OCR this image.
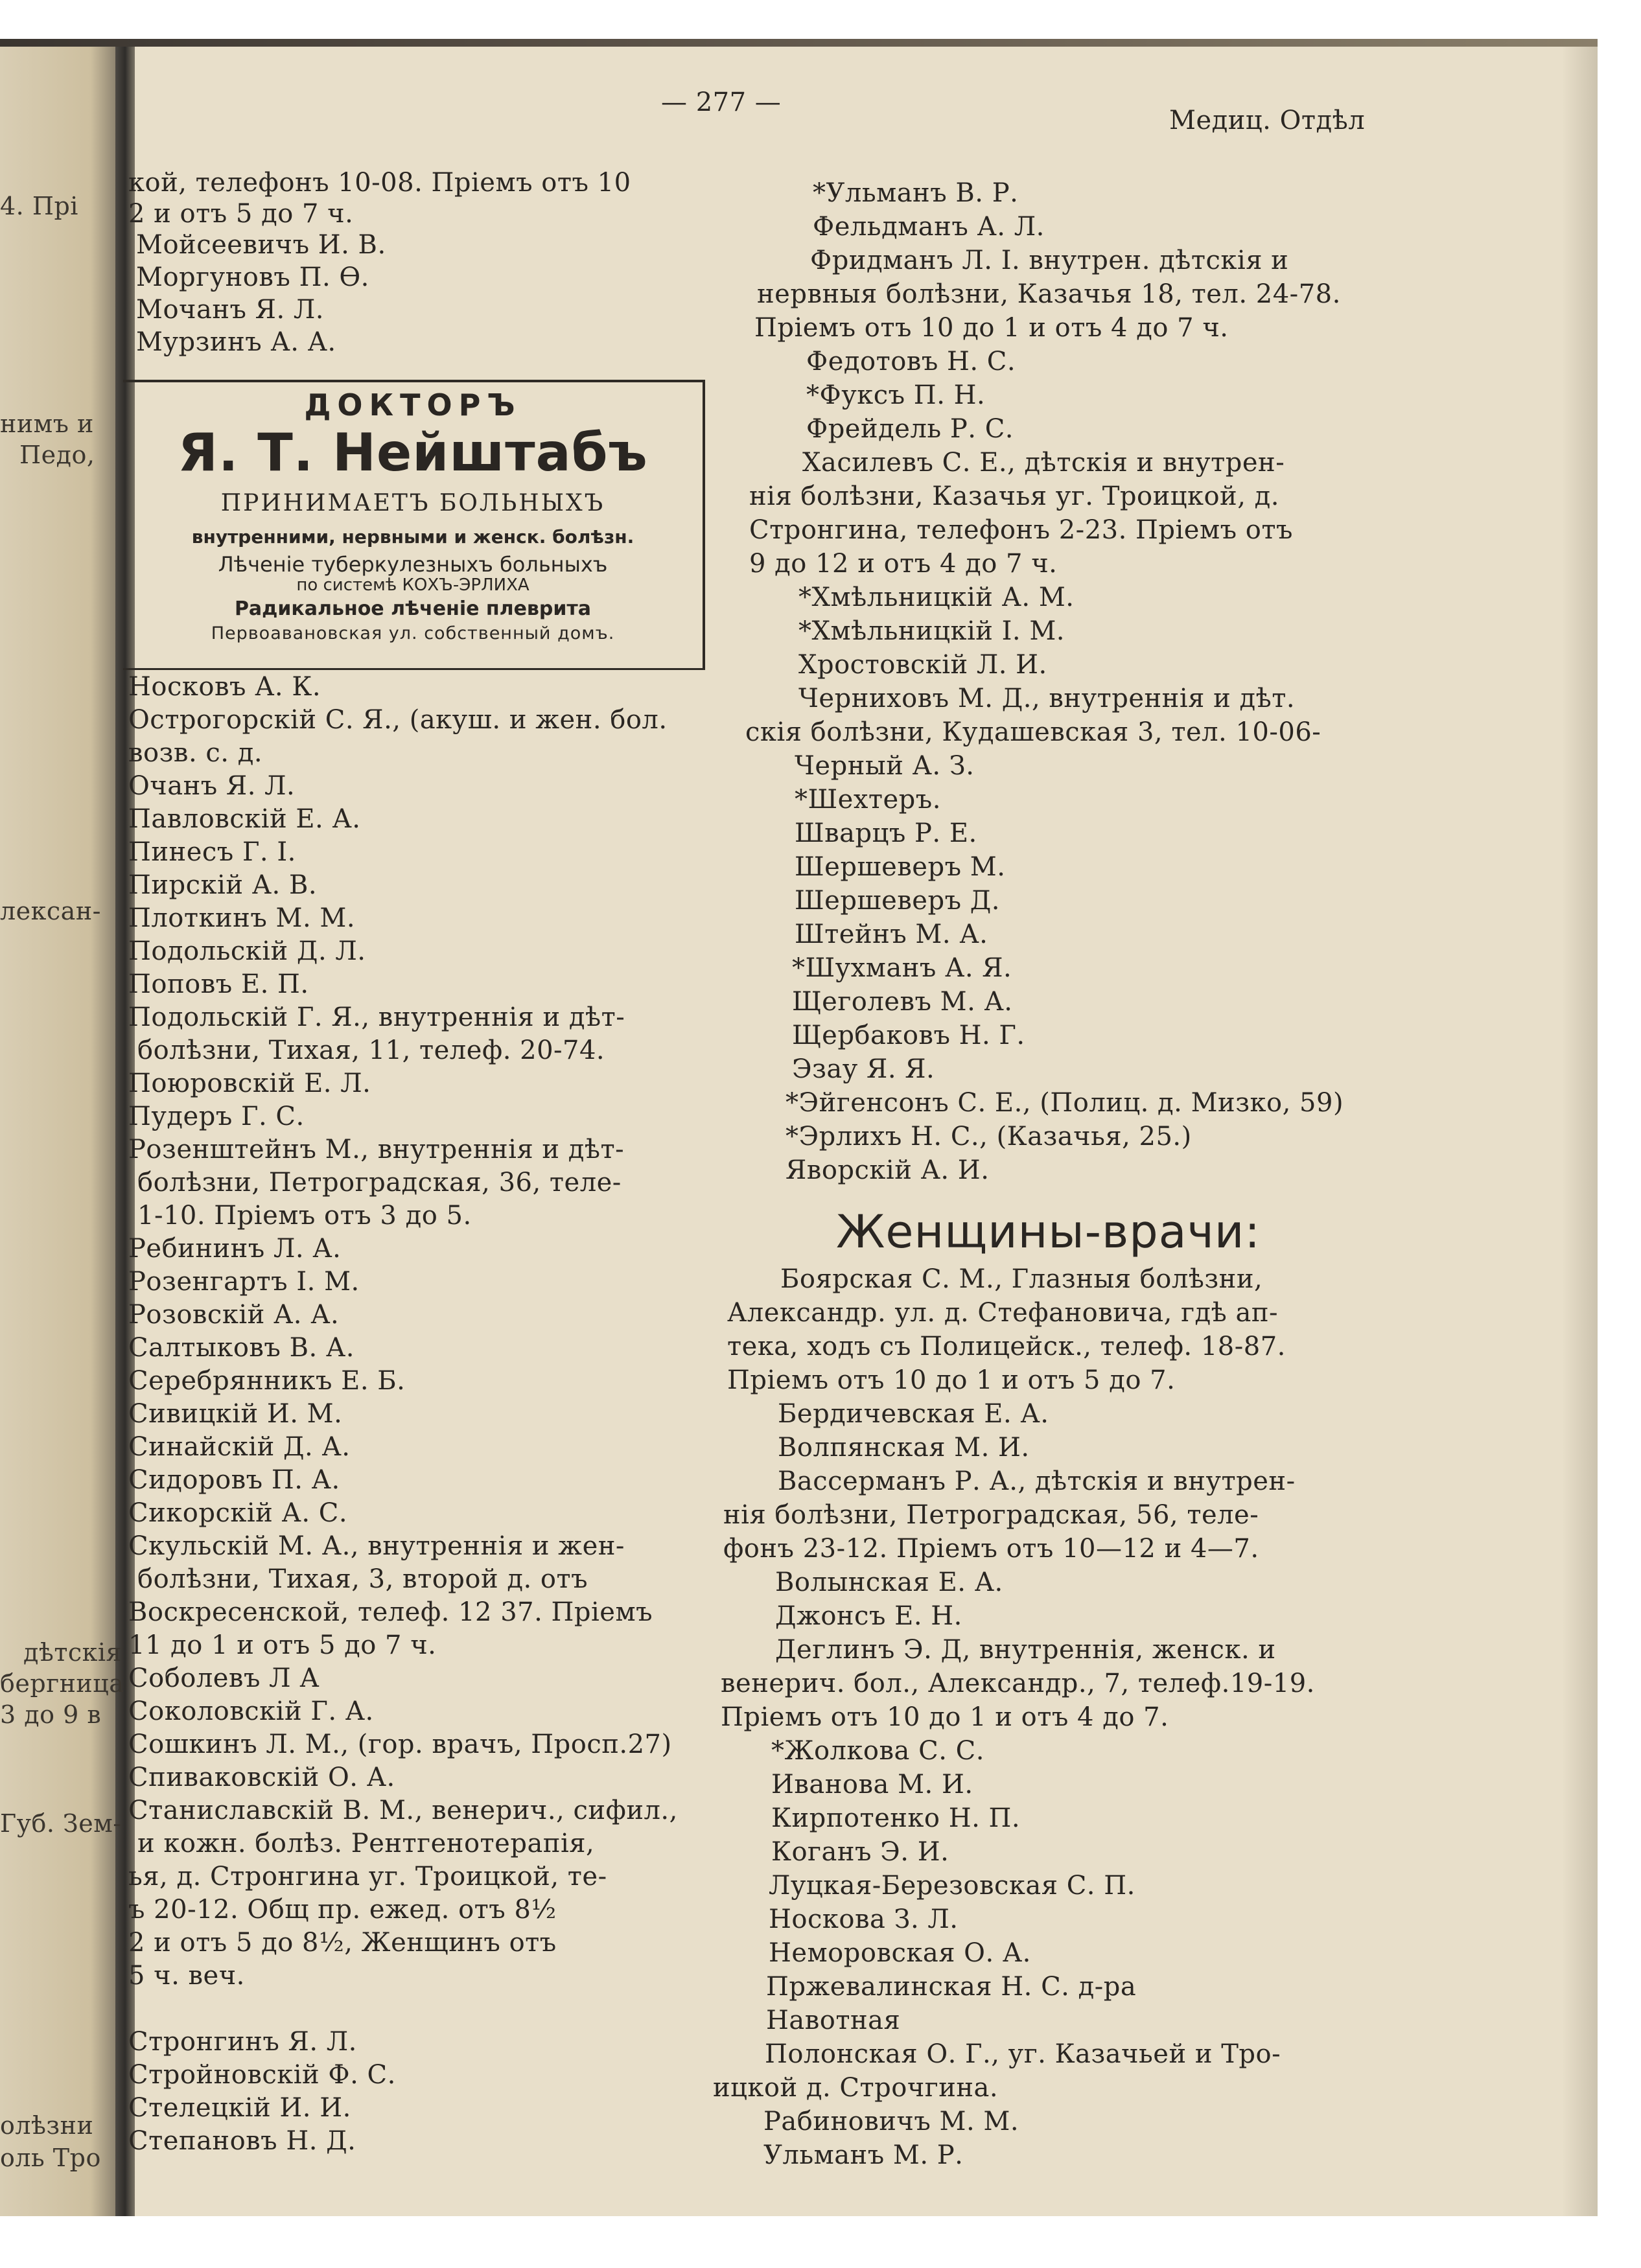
4. Прі
нимъ и
Педо,
лексан-
дѣтскія
бергница
3 до 9 в
Губ. Зем-
олѣзни
оль Тро
— 277 —
Медиц. Отдѣл
кой, телефонъ 10-08. Пріемъ отъ 10
2 и отъ 5 до 7 ч.
Мойсеевичъ И. В.
Моргуновъ П. Ѳ.
Мочанъ Я. Л.
Мурзинъ А. А.
ДОКТОРЪ
Я. Т. Нейштабъ
ПРИНИМАЕТЪ БОЛЬНЫХЪ
внутренними, нервными и женск. болѣзн.
Лѣченіе туберкулезныхъ больныхъ
по системѣ КОХЪ-ЭРЛИХА
Радикальное лѣченіе плеврита
Первоавановская ул. собственный домъ.
Носковъ А. К.
Острогорскій С. Я., (акуш. и жен. бол.
возв. с. д.
Очанъ Я. Л.
Павловскій Е. А.
Пинесъ Г. І.
Пирскій А. В.
Плоткинъ М. М.
Подольскій Д. Л.
Поповъ Е. П.
Подольскій Г. Я., внутреннія и дѣт-
болѣзни, Тихая, 11, телеф. 20-74.
Поюровскій Е. Л.
Пудеръ Г. С.
Розенштейнъ М., внутреннія и дѣт-
болѣзни, Петроградская, 36, теле-
1-10. Пріемъ отъ 3 до 5.
Ребининъ Л. А.
Розенгартъ І. М.
Розовскій А. А.
Салтыковъ В. А.
Серебрянникъ Е. Б.
Сивицкій И. М.
Синайскій Д. А.
Сидоровъ П. А.
Сикорскій А. С.
Скульскій М. А., внутреннія и жен-
болѣзни, Тихая, 3, второй д. отъ
Воскресенской, телеф. 12 37. Пріемъ
11 до 1 и отъ 5 до 7 ч.
Соболевъ Л А
Соколовскій Г. А.
Сошкинъ Л. М., (гор. врачъ, Просп.27)
Спиваковскій О. А.
Станиславскій В. М., венерич., сифил.,
и кожн. болѣз. Рентгенотерапія,
ья, д. Стронгина уг. Троицкой, те-
ъ 20-12. Общ пр. ежед. отъ 8½
2 и отъ 5 до 8½, Женщинъ отъ
5 ч. веч.
Стронгинъ Я. Л.
Стройновскій Ф. С.
Стелецкій И. И.
Степановъ Н. Д.
*Ульманъ В. Р.
Фельдманъ А. Л.
Фридманъ Л. І. внутрен. дѣтскія и
нервныя болѣзни, Казачья 18, тел. 24-78.
Пріемъ отъ 10 до 1 и отъ 4 до 7 ч.
Федотовъ Н. С.
*Фуксъ П. Н.
Фрейдель Р. С.
Хасилевъ С. Е., дѣтскія и внутрен-
нія болѣзни, Казачья уг. Троицкой, д.
Стронгина, телефонъ 2-23. Пріемъ отъ
9 до 12 и отъ 4 до 7 ч.
*Хмѣльницкій А. М.
*Хмѣльницкій І. М.
Хростовскій Л. И.
Черниховъ М. Д., внутреннія и дѣт.
скія болѣзни, Кудашевская 3, тел. 10-06-
Черный А. З.
*Шехтеръ.
Шварцъ Р. Е.
Шершеверъ М.
Шершеверъ Д.
Штейнъ М. А.
*Шухманъ А. Я.
Щеголевъ М. А.
Щербаковъ Н. Г.
Эзау Я. Я.
*Эйгенсонъ С. Е., (Полиц. д. Мизко, 59)
*Эрлихъ Н. С., (Казачья, 25.)
Яворскій А. И.
Женщины-врачи:
Боярская С. М., Глазныя болѣзни,
Александр. ул. д. Стефановича, гдѣ ап-
тека, ходъ съ Полицейск., телеф. 18-87.
Пріемъ отъ 10 до 1 и отъ 5 до 7.
Бердичевская Е. А.
Волпянская М. И.
Вассерманъ Р. А., дѣтскія и внутрен-
нія болѣзни, Петроградская, 56, теле-
фонъ 23-12. Пріемъ отъ 10—12 и 4—7.
Волынская Е. А.
Джонсъ Е. Н.
Деглинъ Э. Д, внутреннія, женск. и
венерич. бол., Александр., 7, телеф.19-19.
Пріемъ отъ 10 до 1 и отъ 4 до 7.
*Жолкова С. С.
Иванова М. И.
Кирпотенко Н. П.
Коганъ Э. И.
Луцкая-Березовская С. П.
Носкова З. Л.
Неморовская О. А.
Пржевалинская Н. С. д-ра
Навотная
Полонская О. Г., уг. Казачьей и Тро-
ицкой д. Строчгина.
Рабиновичъ М. М.
Ульманъ М. Р.
